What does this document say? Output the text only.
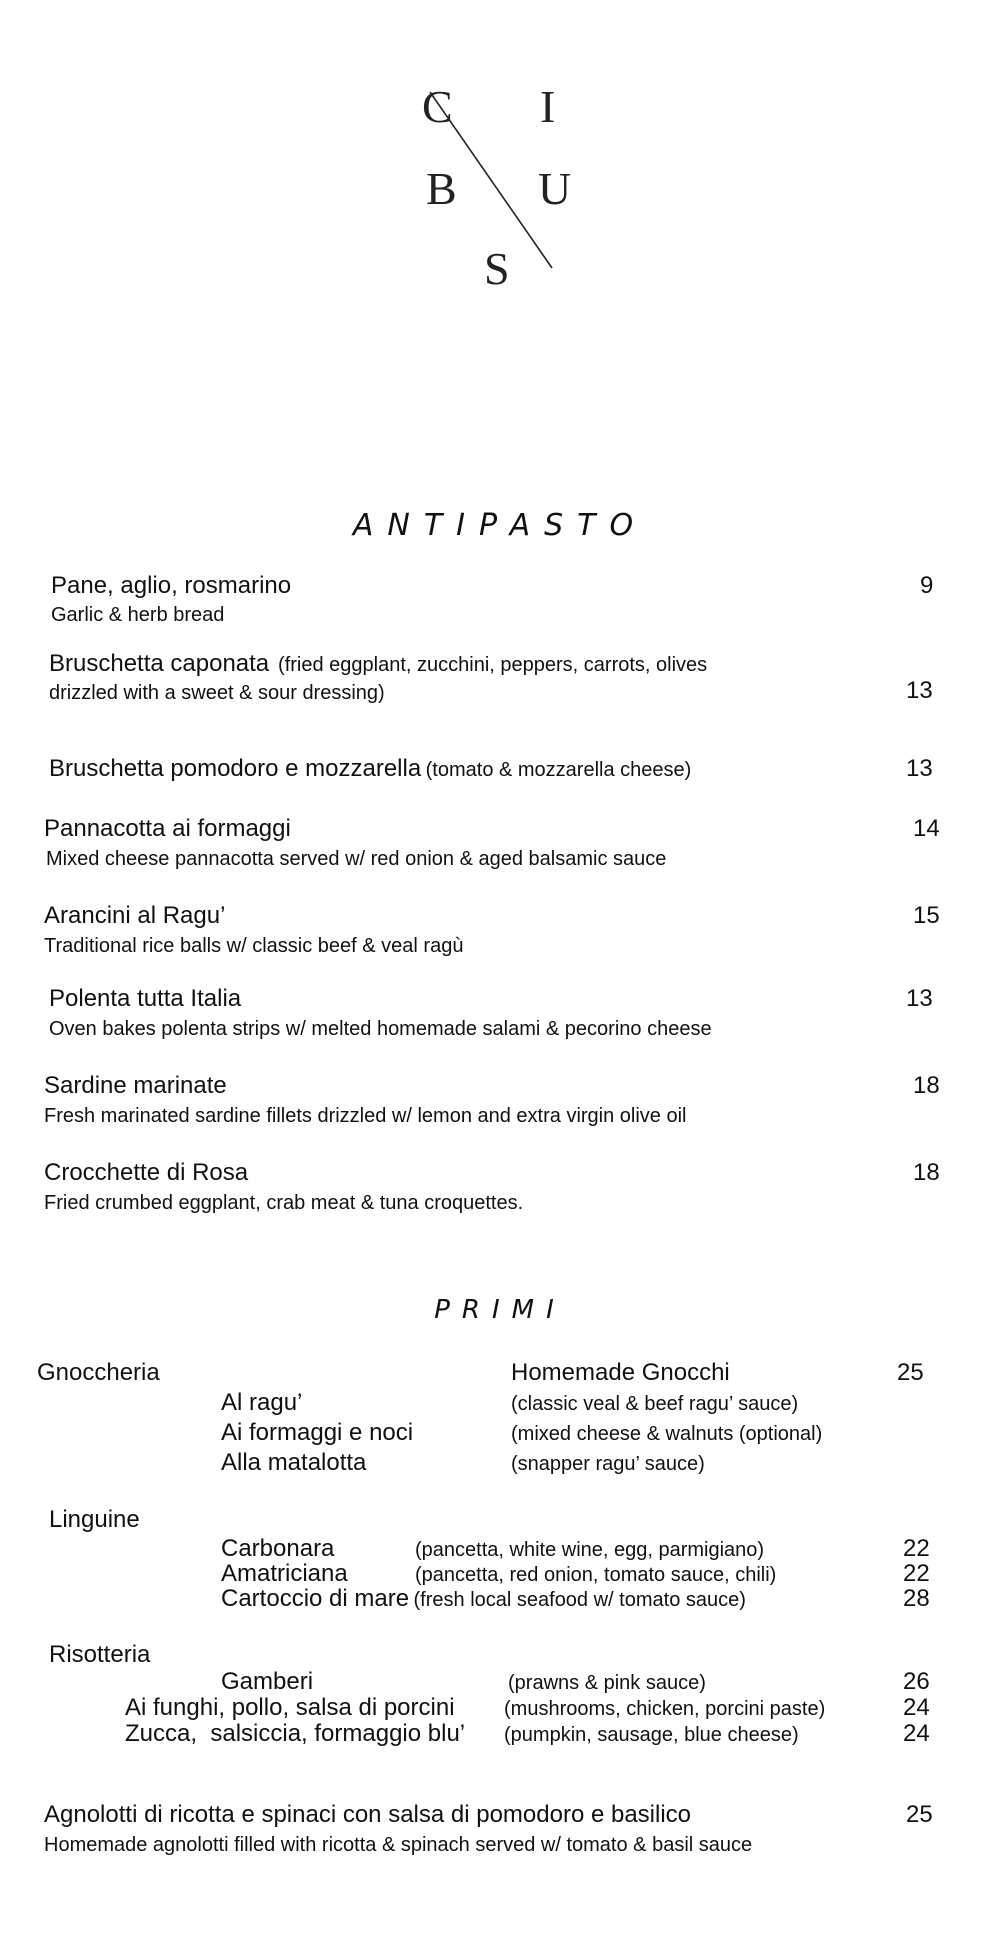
C I
B U
S
ANTIPASTO
Pane, aglio, rosmarino	9
Garlic & herb bread
Bruschetta caponata (fried eggplant, zucchini, peppers, carrots, olives
drizzled with a sweet & sour dressing)	13
Bruschetta pomodoro e mozzarella (tomato & mozzarella cheese)	13
Pannacotta ai formaggi	14
Mixed cheese pannacotta served w/ red onion & aged balsamic sauce
Arancini al Ragu’	15
Traditional rice balls w/ classic beef & veal ragù
Polenta tutta Italia	13
Oven bakes polenta strips w/ melted homemade salami & pecorino cheese
Sardine marinate	18
Fresh marinated sardine fillets drizzled w/ lemon and extra virgin olive oil
Crocchette di Rosa	18
Fried crumbed eggplant, crab meat & tuna croquettes.
PRIMI
Gnoccheria	Homemade Gnocchi	25
Al ragu’	(classic veal & beef ragu’ sauce)
Ai formaggi e noci	(mixed cheese & walnuts (optional)
Alla matalotta	(snapper ragu’ sauce)
Linguine
Carbonara	(pancetta, white wine, egg, parmigiano)	22
Amatriciana	(pancetta, red onion, tomato sauce, chili)	22
Cartoccio di mare (fresh local seafood w/ tomato sauce)	28
Risotteria
Gamberi	(prawns & pink sauce)	26
Ai funghi, pollo, salsa di porcini (mushrooms, chicken, porcini paste)	24
Zucca,  salsiccia, formaggio blu’ (pumpkin, sausage, blue cheese)	24
Agnolotti di ricotta e spinaci con salsa di pomodoro e basilico	25
Homemade agnolotti filled with ricotta & spinach served w/ tomato & basil sauce
